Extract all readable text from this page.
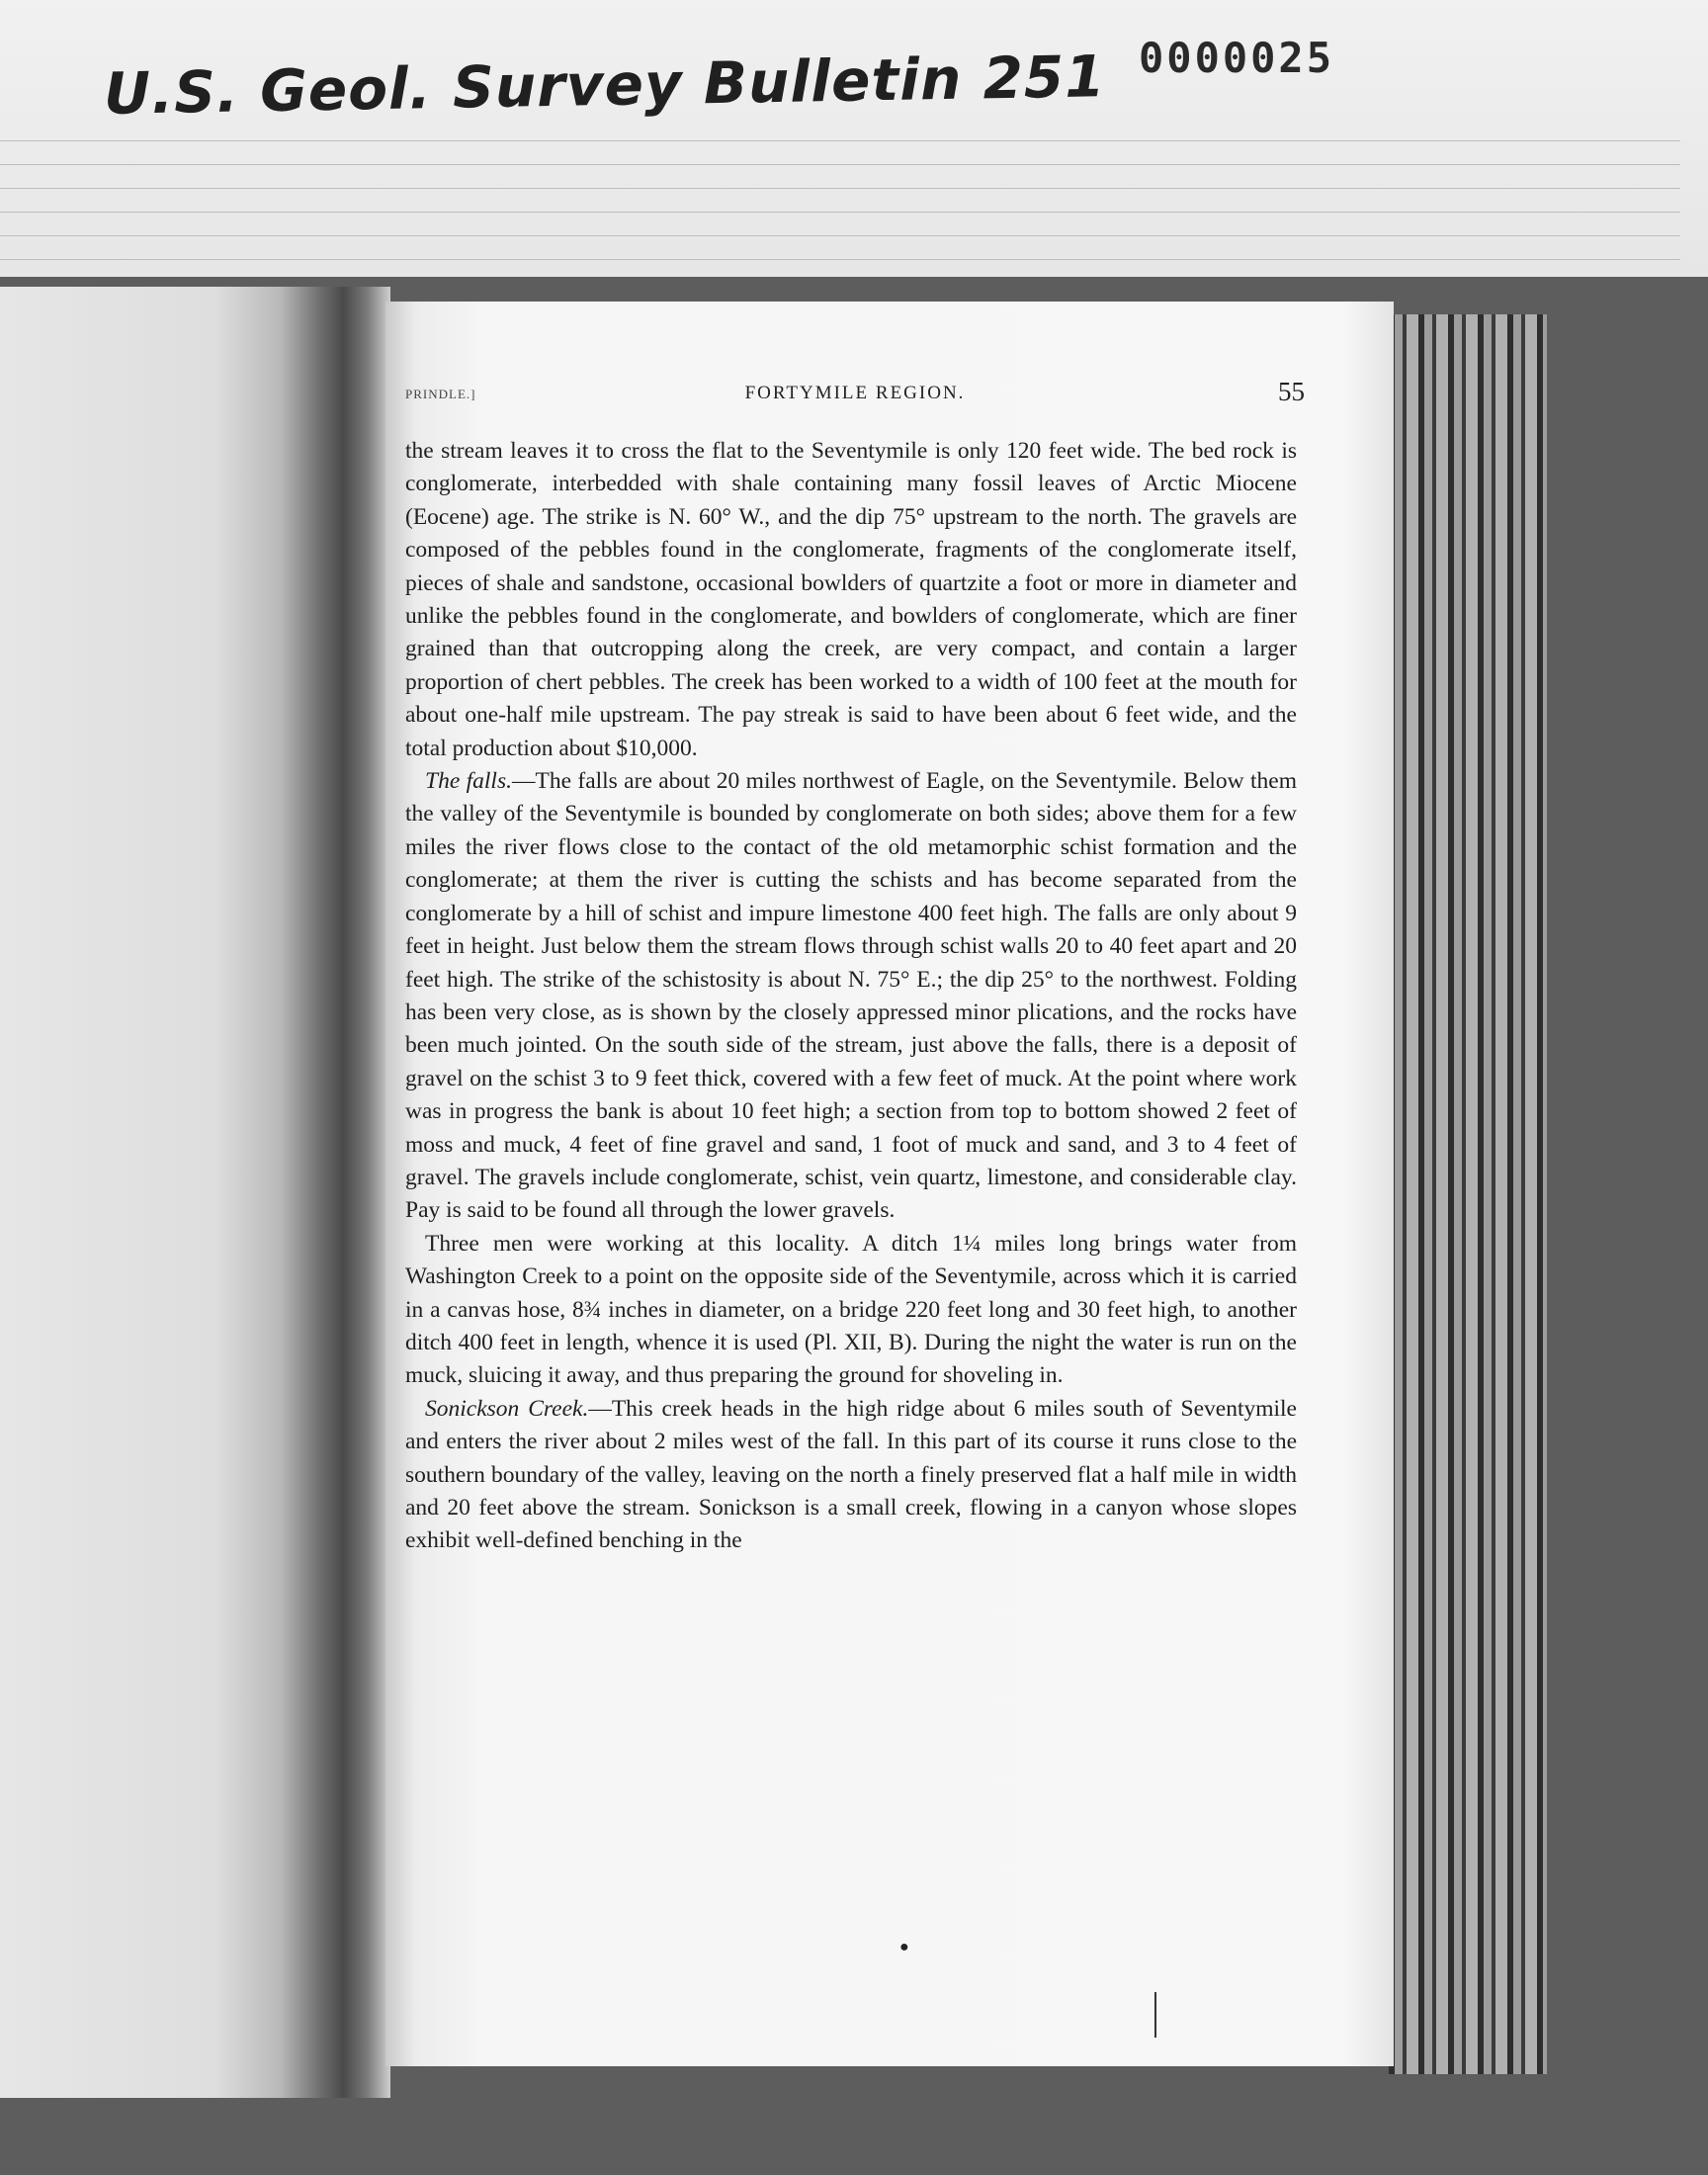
U.S. Geol. Survey Bulletin 251 0000025
PRINDLE.]	FORTYMILE REGION.	55

the stream leaves it to cross the flat to the Seventymile is only 120 feet wide. The bed rock is conglomerate, interbedded with shale containing many fossil leaves of Arctic Miocene (Eocene) age. The strike is N. 60° W., and the dip 75° upstream to the north. The gravels are composed of the pebbles found in the conglomerate, fragments of the conglomerate itself, pieces of shale and sandstone, occasional bowlders of quartzite a foot or more in diameter and unlike the pebbles found in the conglomerate, and bowlders of conglomerate, which are finer grained than that outcropping along the creek, are very compact, and contain a larger proportion of chert pebbles. The creek has been worked to a width of 100 feet at the mouth for about one-half mile upstream. The pay streak is said to have been about 6 feet wide, and the total production about $10,000.

The falls.—The falls are about 20 miles northwest of Eagle, on the Seventymile. Below them the valley of the Seventymile is bounded by conglomerate on both sides; above them for a few miles the river flows close to the contact of the old metamorphic schist formation and the conglomerate; at them the river is cutting the schists and has become separated from the conglomerate by a hill of schist and impure limestone 400 feet high. The falls are only about 9 feet in height. Just below them the stream flows through schist walls 20 to 40 feet apart and 20 feet high. The strike of the schistosity is about N. 75° E.; the dip 25° to the northwest. Folding has been very close, as is shown by the closely appressed minor plications, and the rocks have been much jointed. On the south side of the stream, just above the falls, there is a deposit of gravel on the schist 3 to 9 feet thick, covered with a few feet of muck. At the point where work was in progress the bank is about 10 feet high; a section from top to bottom showed 2 feet of moss and muck, 4 feet of fine gravel and sand, 1 foot of muck and sand, and 3 to 4 feet of gravel. The gravels include conglomerate, schist, vein quartz, limestone, and considerable clay. Pay is said to be found all through the lower gravels.

Three men were working at this locality. A ditch 1¼ miles long brings water from Washington Creek to a point on the opposite side of the Seventymile, across which it is carried in a canvas hose, 8¾ inches in diameter, on a bridge 220 feet long and 30 feet high, to another ditch 400 feet in length, whence it is used (Pl. XII, B). During the night the water is run on the muck, sluicing it away, and thus preparing the ground for shoveling in.

Sonickson Creek.—This creek heads in the high ridge about 6 miles south of Seventymile and enters the river about 2 miles west of the fall. In this part of its course it runs close to the southern boundary of the valley, leaving on the north a finely preserved flat a half mile in width and 20 feet above the stream. Sonickson is a small creek, flowing in a canyon whose slopes exhibit well-defined benching in the

●
